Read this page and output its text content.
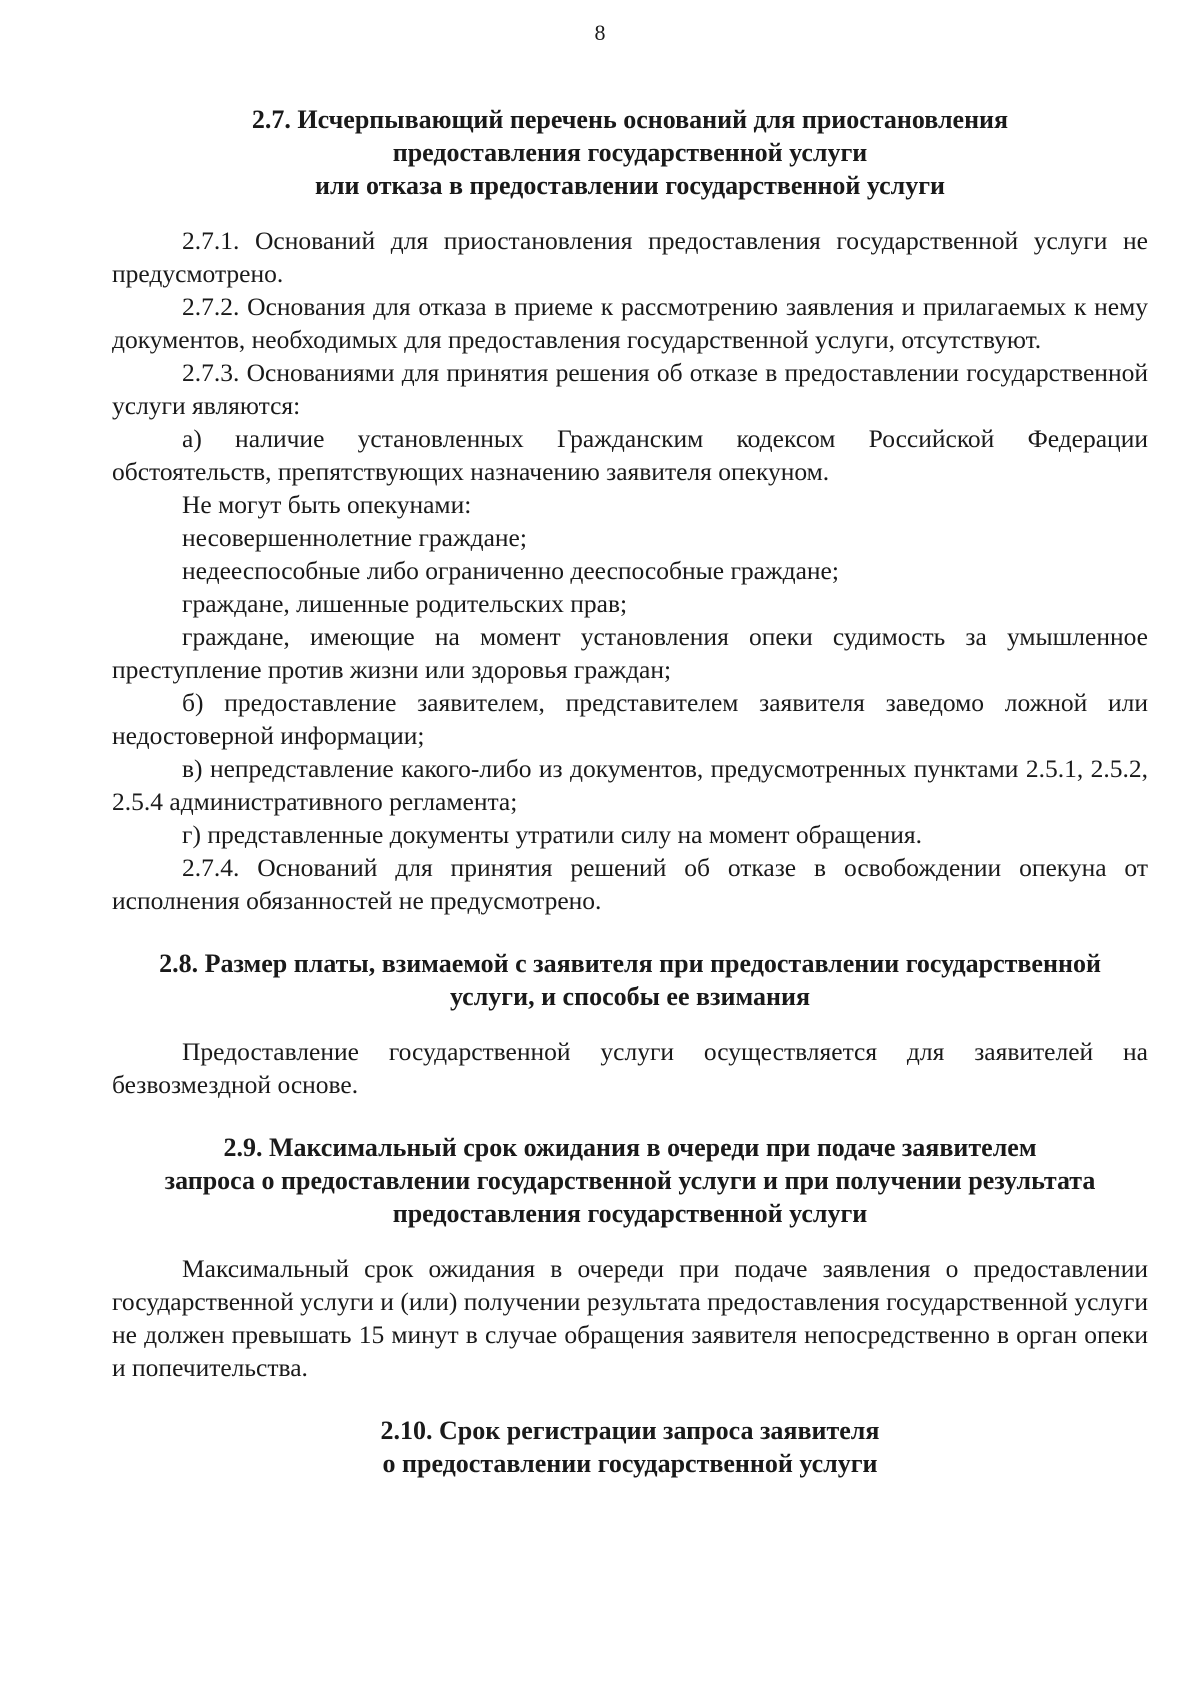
8
2.7. Исчерпывающий перечень оснований для приостановления
предоставления государственной услуги
или отказа в предоставлении государственной услуги

2.7.1. Оснований для приостановления предоставления государственной услуги не предусмотрено.

2.7.2. Основания для отказа в приеме к рассмотрению заявления и прилагаемых к нему документов, необходимых для предоставления государственной услуги, отсутствуют.

2.7.3. Основаниями для принятия решения об отказе в предоставлении государственной услуги являются:

а) наличие установленных Гражданским кодексом Российской Федерации обстоятельств, препятствующих назначению заявителя опекуном.

Не могут быть опекунами:

несовершеннолетние граждане;

недееспособные либо ограниченно дееспособные граждане;

граждане, лишенные родительских прав;

граждане, имеющие на момент установления опеки судимость за умышленное преступление против жизни или здоровья граждан;

б) предоставление заявителем, представителем заявителя заведомо ложной или недостоверной информации;

в) непредставление какого-либо из документов, предусмотренных пунктами 2.5.1, 2.5.2, 2.5.4 административного регламента;

г) представленные документы утратили силу на момент обращения.

2.7.4. Оснований для принятия решений об отказе в освобождении опекуна от исполнения обязанностей не предусмотрено.

2.8. Размер платы, взимаемой с заявителя при предоставлении государственной
услуги, и способы ее взимания

Предоставление государственной услуги осуществляется для заявителей на безвозмездной основе.

2.9. Максимальный срок ожидания в очереди при подаче заявителем
запроса о предоставлении государственной услуги и при получении результата
предоставления государственной услуги

Максимальный срок ожидания в очереди при подаче заявления о предоставлении государственной услуги и (или) получении результата предоставления государственной услуги не должен превышать 15 минут в случае обращения заявителя непосредственно в орган опеки и попечительства.

2.10. Срок регистрации запроса заявителя
о предоставлении государственной услуги
